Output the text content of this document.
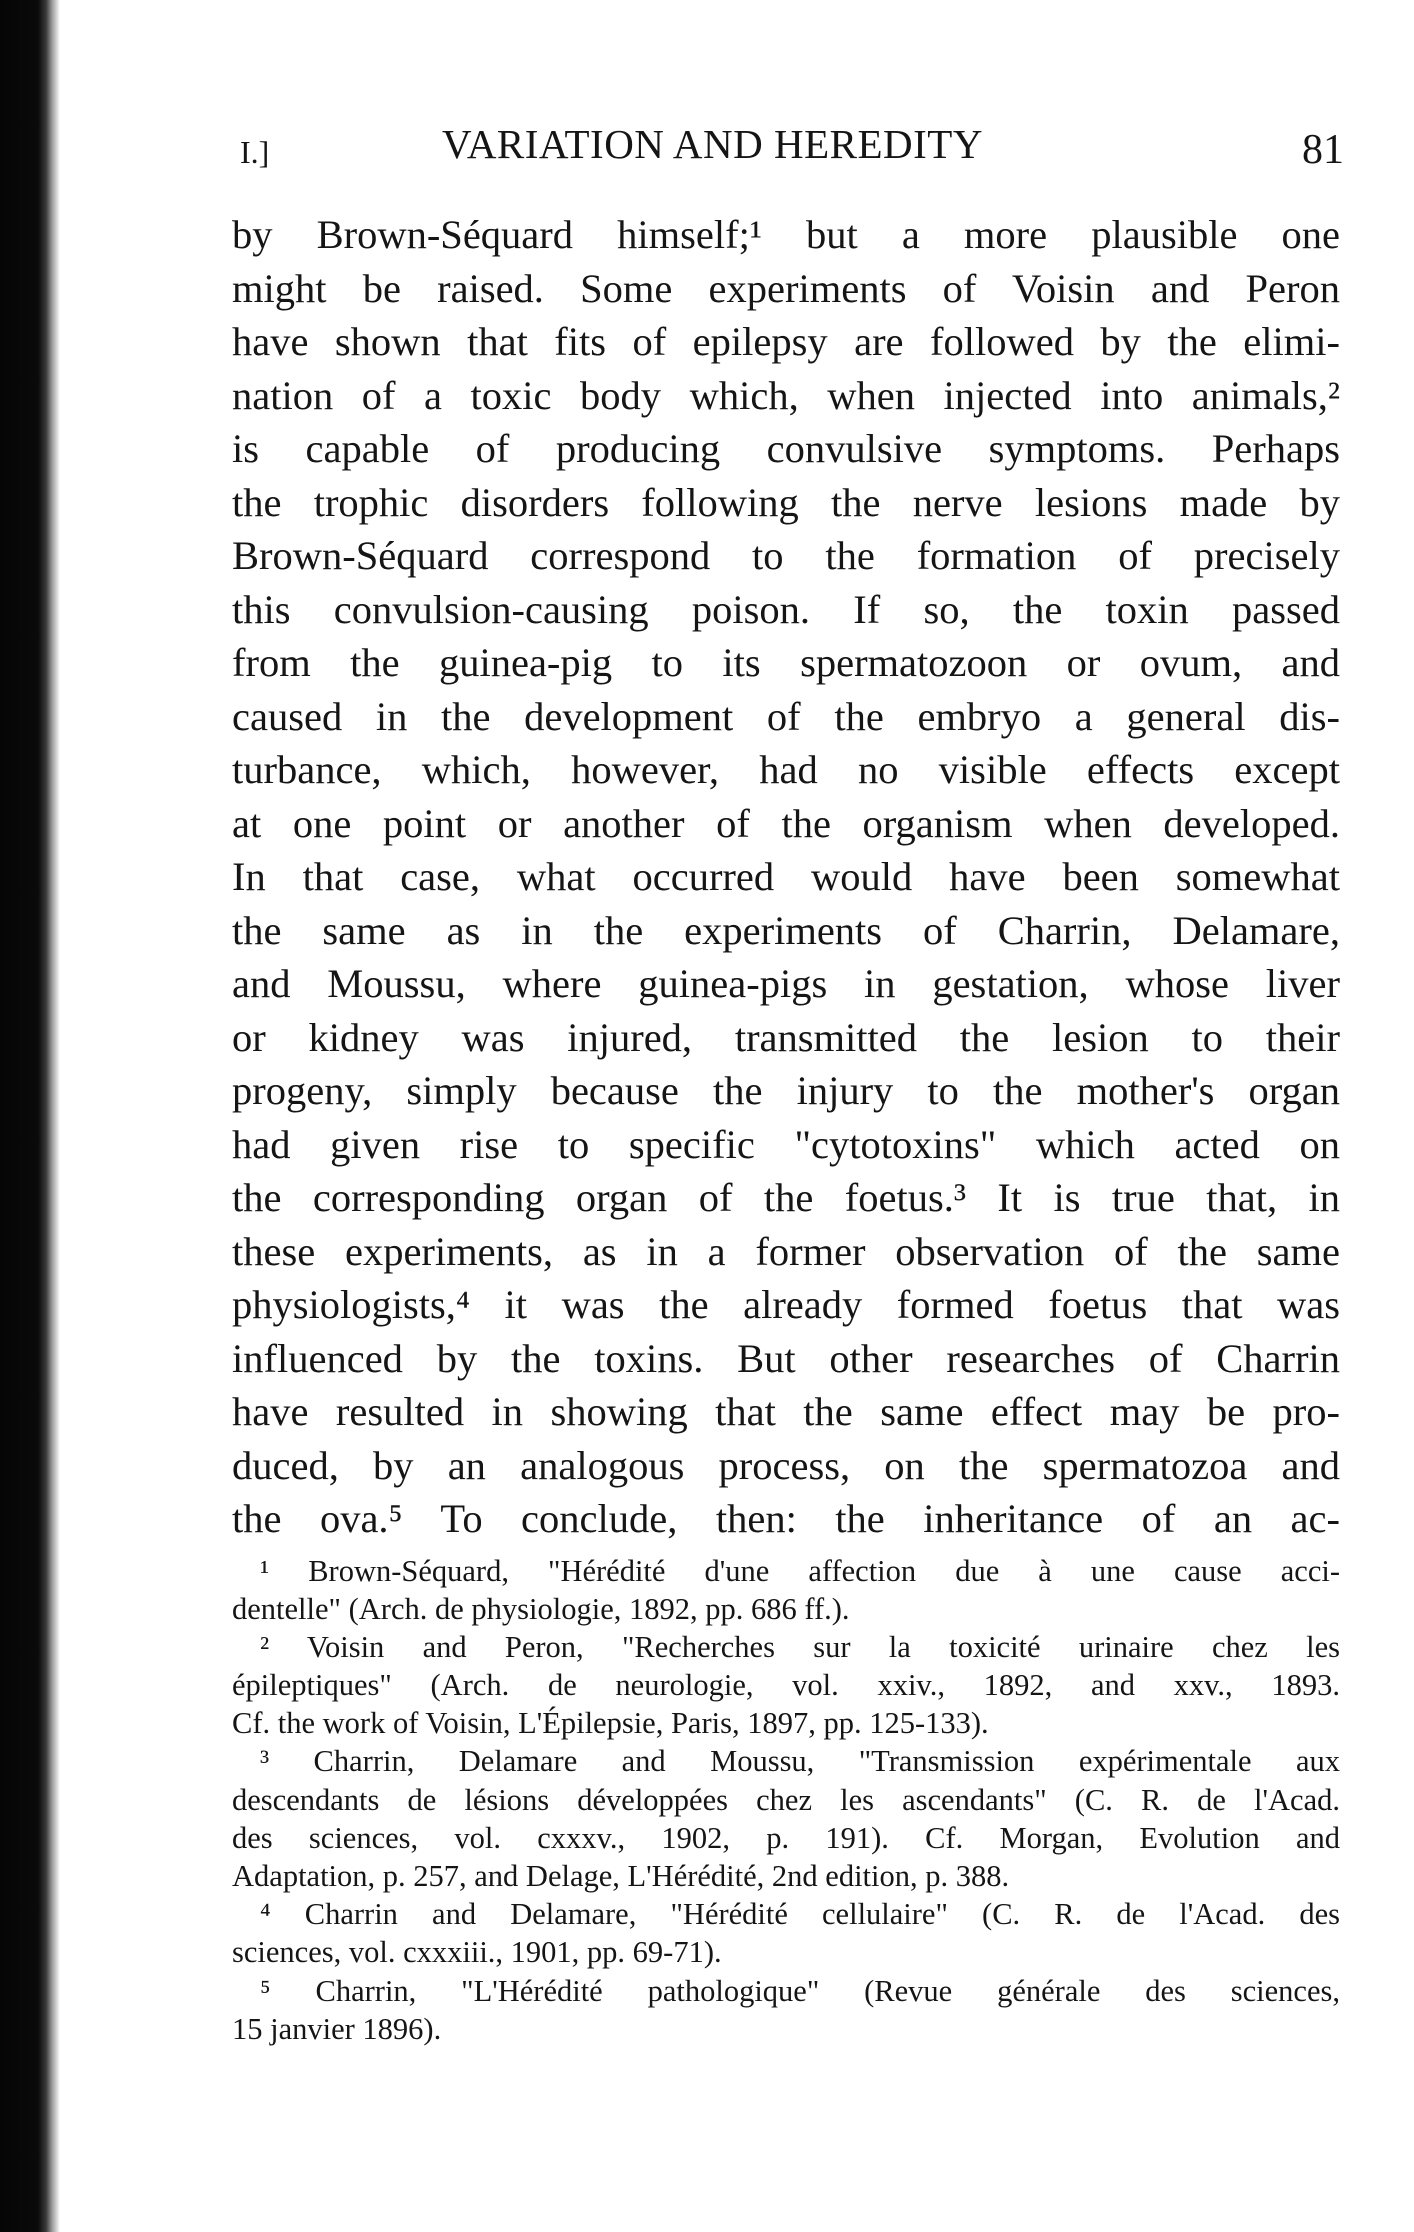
I.]	VARIATION AND HEREDITY	81
by Brown-Séquard himself;¹ but a more plausible one
might be raised. Some experiments of Voisin and Peron
have shown that fits of epilepsy are followed by the elimi-
nation of a toxic body which, when injected into animals,²
is capable of producing convulsive symptoms. Perhaps
the trophic disorders following the nerve lesions made by
Brown-Séquard correspond to the formation of precisely
this convulsion-causing poison. If so, the toxin passed
from the guinea-pig to its spermatozoon or ovum, and
caused in the development of the embryo a general dis-
turbance, which, however, had no visible effects except
at one point or another of the organism when developed.
In that case, what occurred would have been somewhat
the same as in the experiments of Charrin, Delamare,
and Moussu, where guinea-pigs in gestation, whose liver
or kidney was injured, transmitted the lesion to their
progeny, simply because the injury to the mother's organ
had given rise to specific "cytotoxins" which acted on
the corresponding organ of the foetus.³ It is true that, in
these experiments, as in a former observation of the same
physiologists,⁴ it was the already formed foetus that was
influenced by the toxins. But other researches of Charrin
have resulted in showing that the same effect may be pro-
duced, by an analogous process, on the spermatozoa and
the ova.⁵ To conclude, then: the inheritance of an ac-
¹ Brown-Séquard, "Hérédité d'une affection due à une cause acci-
dentelle" (Arch. de physiologie, 1892, pp. 686 ff.).
² Voisin and Peron, "Recherches sur la toxicité urinaire chez les
épileptiques" (Arch. de neurologie, vol. xxiv., 1892, and xxv., 1893.
Cf. the work of Voisin, L'Épilepsie, Paris, 1897, pp. 125-133).
³ Charrin, Delamare and Moussu, "Transmission expérimentale aux
descendants de lésions développées chez les ascendants" (C. R. de l'Acad.
des sciences, vol. cxxxv., 1902, p. 191). Cf. Morgan, Evolution and
Adaptation, p. 257, and Delage, L'Hérédité, 2nd edition, p. 388.
⁴ Charrin and Delamare, "Hérédité cellulaire" (C. R. de l'Acad. des
sciences, vol. cxxxiii., 1901, pp. 69-71).
⁵ Charrin, "L'Hérédité pathologique" (Revue générale des sciences,
15 janvier 1896).
